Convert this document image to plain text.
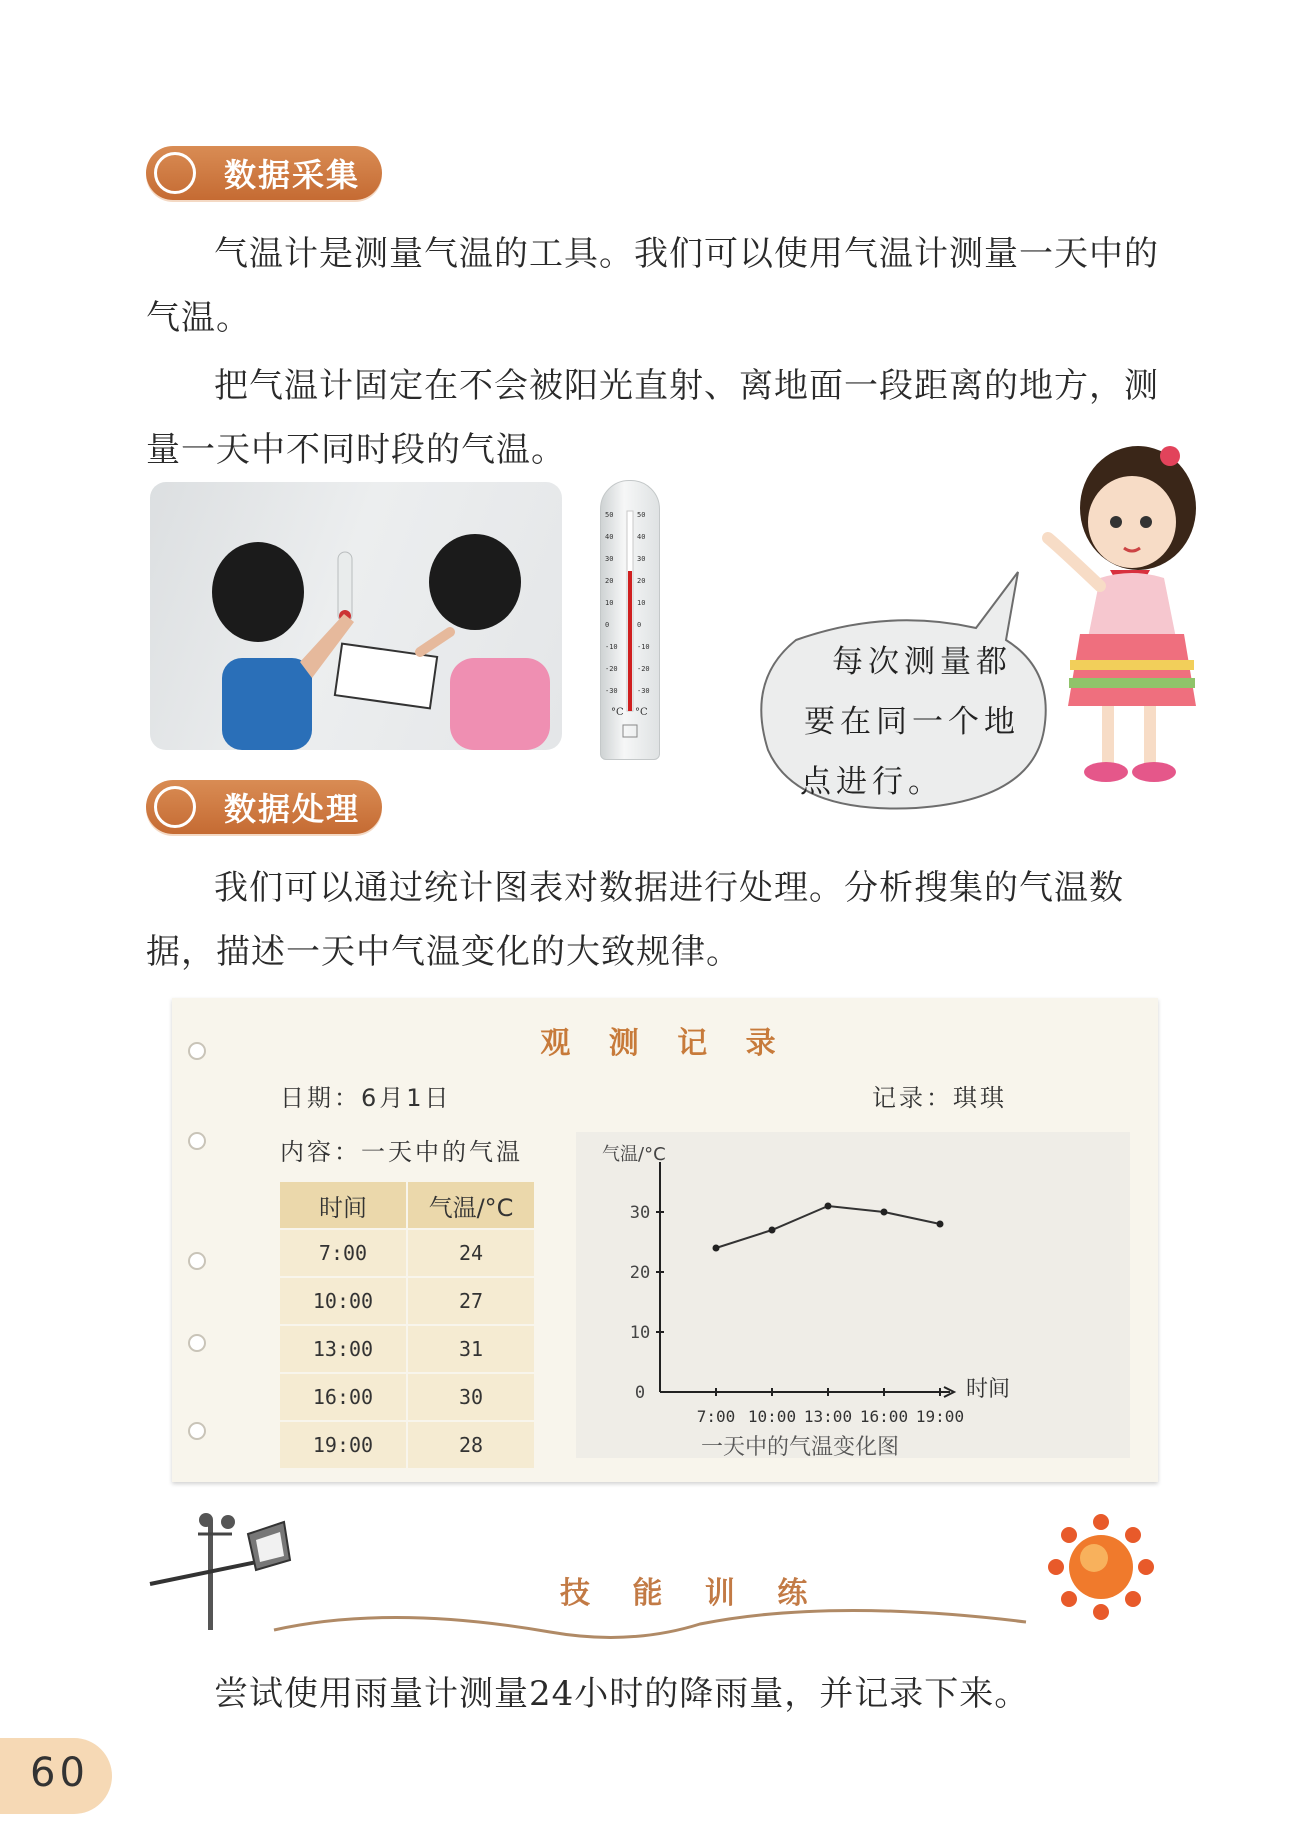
数据采集
气温计是测量气温的工具。我们可以使用气温计测量一天中的
气温。
把气温计固定在不会被阳光直射、离地面一段距离的地方，测
量一天中不同时段的气温。
50
40
30
20
10
0
-10
-20
-30
50
40
30
20
10
0
-10
-20
-30
°C °C
每次测量都
要在同一个地
点进行。
数据处理
我们可以通过统计图表对数据进行处理。分析搜集的气温数
据，描述一天中气温变化的大致规律。
观 测 记 录
日期：6月1日	记录：琪琪
内容：一天中的气温
时间	气温/°C
7:00	24
10:00	27
13:00	31
16:00	30
19:00	28
0
10
20
30
7:00 10:00 13:00 16:00 19:00
气温/°C
时间
一天中的气温变化图
技 能 训 练
尝试使用雨量计测量24小时的降雨量，并记录下来。
60
